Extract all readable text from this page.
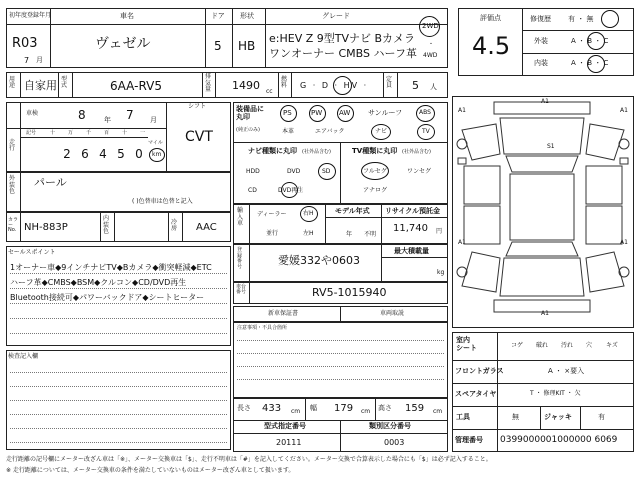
初年度登録年月
R03
7 月
車名
ヴェゼル
ドア
5
形状
HB
グレード
e:HEV Z 9型TVナビ Bカメラ
ワンオーナー CMBS ハーフ革
2WD
・
4WD
用
途 自家用 型
式	6AA-RV5
排
気
量 1490 cc
燃
料 G · D · HV ·
定
員 5 人
車検	8	年 7 月
シフト
CVT
走
行
記号	十	万	千	百	十	一
2 6 4 5 0
マイル
km
外
装
色
パール
( )色替車は色替と記入
カラー
No. NH-883P
内
装
色
冷
房 AAC
セールスポイント
1オーナー車◆9インチナビTV◆Bカメラ◆衝突軽減◆ETC
ハーフ革◆CMBS◆BSM◆クルコン◆CD/DVD再生
Bluetooth接続可◆パワーバックドア◆シートヒーター
検査記入欄
装備品に
丸印
(純正のみ)
PS	PW AW	サンルーフ	ABS
本革	エアバック	ナビ	TV
ナビ種類に丸印 (社外品含む)
HDD	DVD	SD
CD	DVD再生
TV種類に丸印 (社外品含む)
フルセグ	ワンセグ
アナログ
輸
入
車
ディーラー
並行
右H
左H
モデル年式
年 不明
リサイクル預託金
11,740 円
登
録
番
号	愛媛332や0603
最大積載量
kg
車台
番号	RV5-1015940
新車保証書	車両取説
注意事項・不具合箇所
長さ 433 cm 幅 179 cm 高さ 159 cm
型式指定番号
20111
類別区分番号
0003
評価点
4.5
修復歴 有 ・ 無
外装	A ・ B ・ C
内装	A ・ B ・ C
A1
A1	A1
S1
A1	A1
A1
室内
シート	コゲ 破れ 汚れ 穴 キズ
フロントガラス	A ・ ×要入
スペアタイヤ	T ・ 修理KIT ・ 欠
工具	無	ジャッキ	有
管理番号 0399000001000000 6069
走行距離の記号欄にメーター改ざん車は「※」、メーター交換車は「$」、走行不明車は「#」を記入してください。メーター交換で合算表示した場合にも「$」は必ず記入すること。
※ 走行距離については、メーター交換車の条件を満たしていないものはメーター改ざん車として扱います。
